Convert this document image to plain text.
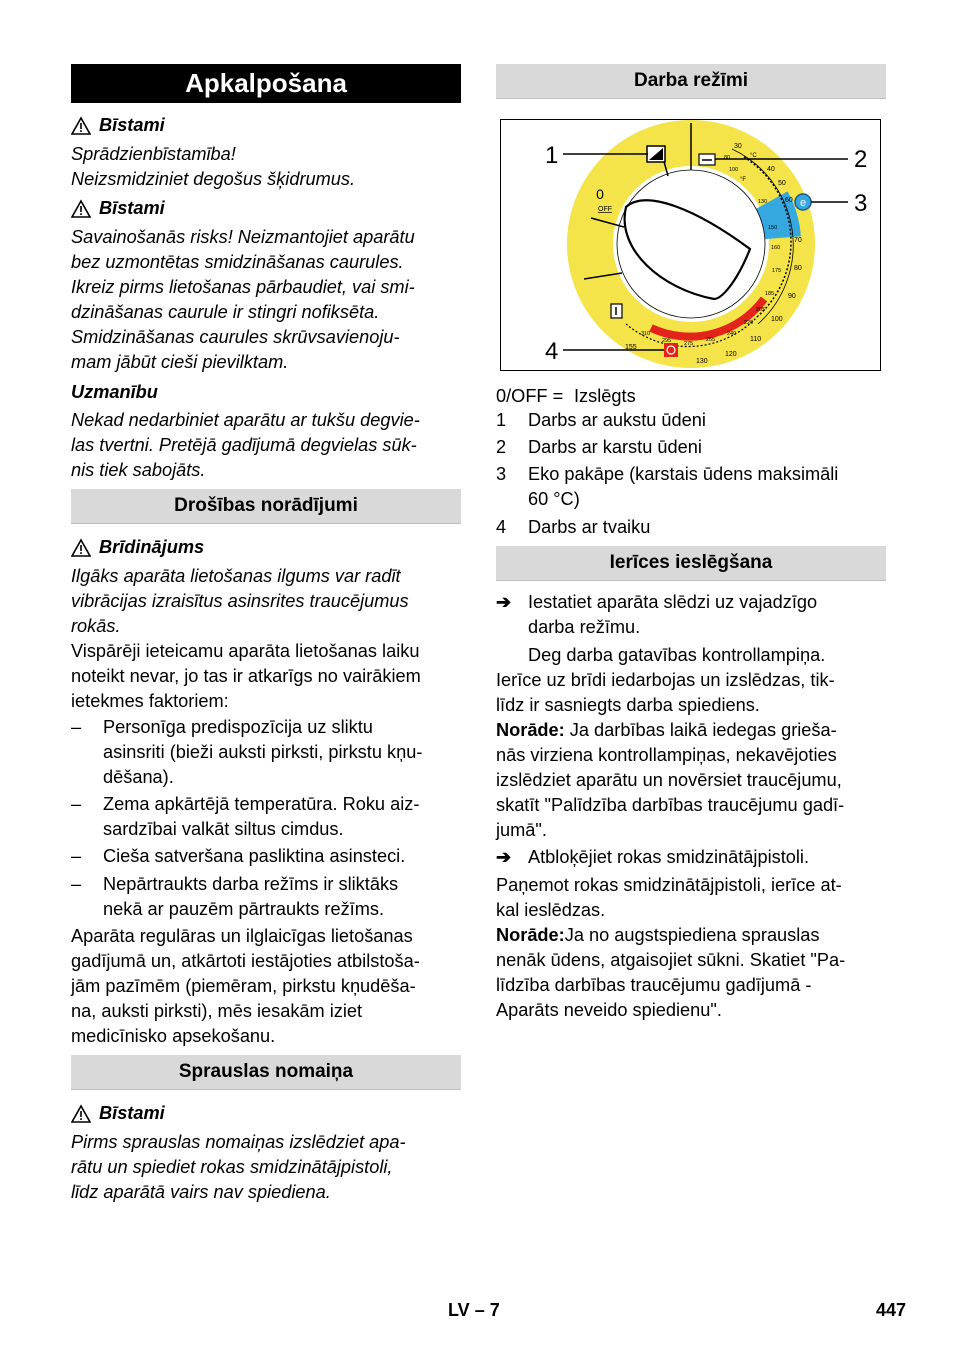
Apkalpošana
Bīstami

Sprādzienbīstamība!
Neizsmidziniet degošus šķidrumus.

Bīstami

Savainošanās risks! Neizmantojiet aparātu
bez uzmontētas smidzināšanas caurules.
Ikreiz pirms lietošanas pārbaudiet, vai smi-
dzināšanas caurule ir stingri nofiksēta.
Smidzināšanas caurules skrūvsavienoju-
mam jābūt cieši pievilktam.

Uzmanību

Nekad nedarbiniet aparātu ar tukšu degvie-
las tvertni. Pretējā gadījumā degvielas sūk-
nis tiek sabojāts.

Drošības norādījumi
Brīdinājums

Ilgāks aparāta lietošanas ilgums var radīt
vibrācijas izraisītus asinsrites traucējumus
rokās.

Vispārēji ieteicamu aparāta lietošanas laiku
noteikt nevar, jo tas ir atkarīgs no vairākiem
ietekmes faktoriem:

–	Personīga predispozīcija uz sliktu
asinsriti (bieži auksti pirksti, pirkstu kņu-
dēšana).
–	Zema apkārtējā temperatūra. Roku aiz-
sardzībai valkāt siltus cimdus.
–	Cieša satveršana pasliktina asinsteci.
–	Nepārtraukts darba režīms ir sliktāks
nekā ar pauzēm pārtraukts režīms.

Aparāta regulāras un ilglaicīgas lietošanas
gadījumā un, atkārtoti iestājoties atbilstoša-
jām pazīmēm (piemēram, pirkstu kņudēša-
na, auksti pirksti), mēs iesakām iziet
medicīnisko apsekošanu.

Sprauslas nomaiņa
Bīstami

Pirms sprauslas nomaiņas izslēdziet apa-
rātu un spiediet rokas smidzinātājpistoli,
līdz aparātā vairs nav spiediena.

Darba režīmi
e
0
OFF
°C
°F
30
40
50
60
70
80
90
100
110
120
130
155
80
100
130
150
160
175
185
205
220
240
255
275
295
310
1	2
3
4
0/OFF = Izslēgts
1	Darbs ar aukstu ūdeni
2	Darbs ar karstu ūdeni
3	Eko pakāpe (karstais ūdens maksimāli
60 °C)
4	Darbs ar tvaiku
Ierīces ieslēgšana
➔ Iestatiet aparāta slēdzi uz vajadzīgo
darba režīmu.

Deg darba gatavības kontrollampiņa.

Ierīce uz brīdi iedarbojas un izslēdzas, tik-
līdz ir sasniegts darba spiediens.

Norāde: Ja darbības laikā iedegas grieša-
nās virziena kontrollampiņas, nekavējoties
izslēdziet aparātu un novērsiet traucējumu,
skatīt "Palīdzība darbības traucējumu gadī-
jumā".

➔ Atbloķējiet rokas smidzinātājpistoli.

Paņemot rokas smidzinātājpistoli, ierīce at-
kal ieslēdzas.

Norāde:Ja no augstspiediena sprauslas
nenāk ūdens, atgaisojiet sūkni. Skatiet "Pa-
līdzība darbības traucējumu gadījumā -
Aparāts neveido spiedienu".

LV – 7	447
